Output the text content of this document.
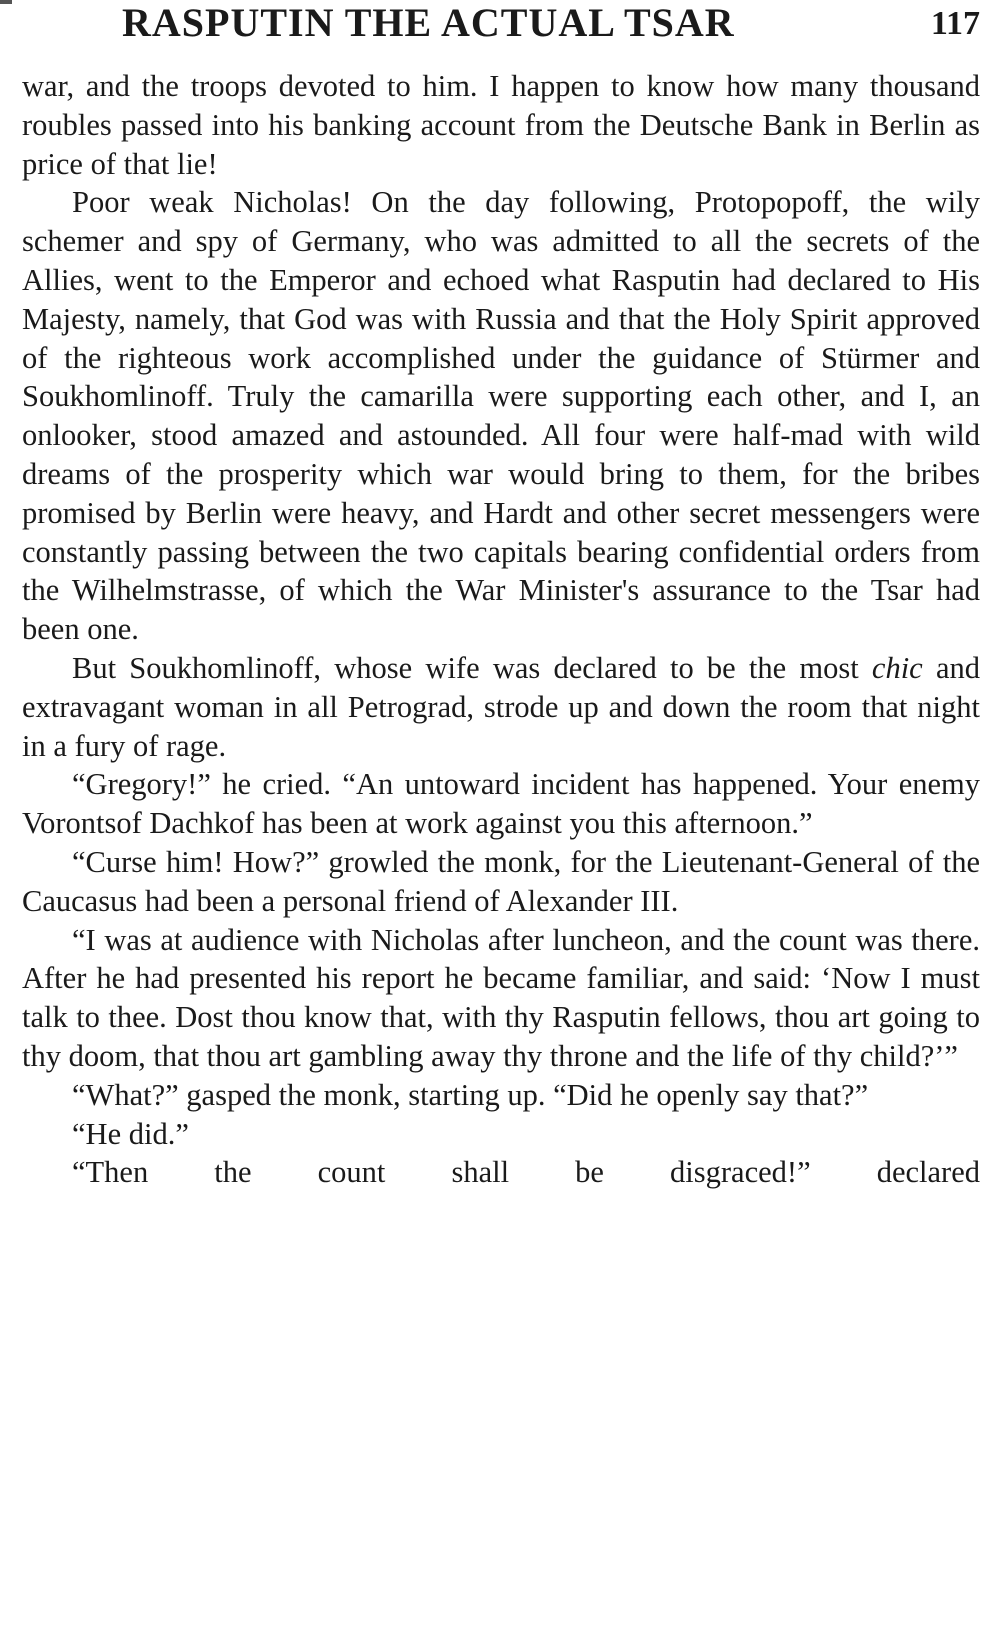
RASPUTIN THE ACTUAL TSAR	117

war, and the troops devoted to him. I happen to know how many thousand roubles passed into his banking account from the Deutsche Bank in Berlin as price of that lie!

Poor weak Nicholas! On the day following, Protopopoff, the wily schemer and spy of Germany, who was admitted to all the secrets of the Allies, went to the Emperor and echoed what Rasputin had declared to His Majesty, namely, that God was with Russia and that the Holy Spirit approved of the righteous work accomplished under the guidance of Stürmer and Soukhomlinoff. Truly the camarilla were supporting each other, and I, an onlooker, stood amazed and astounded. All four were half-mad with wild dreams of the prosperity which war would bring to them, for the bribes promised by Berlin were heavy, and Hardt and other secret messengers were constantly passing between the two capitals bearing confidential orders from the Wilhelmstrasse, of which the War Minister's assurance to the Tsar had been one.

But Soukhomlinoff, whose wife was declared to be the most chic and extravagant woman in all Petrograd, strode up and down the room that night in a fury of rage.

“Gregory!” he cried. “An untoward incident has happened. Your enemy Vorontsof Dachkof has been at work against you this afternoon.”

“Curse him! How?” growled the monk, for the Lieutenant-General of the Caucasus had been a personal friend of Alexander III.

“I was at audience with Nicholas after luncheon, and the count was there. After he had presented his report he became familiar, and said: ‘Now I must talk to thee. Dost thou know that, with thy Rasputin fellows, thou art going to thy doom, that thou art gambling away thy throne and the life of thy child?’”

“What?” gasped the monk, starting up. “Did he openly say that?”

“He did.”

“Then the count shall be disgraced!” declared
